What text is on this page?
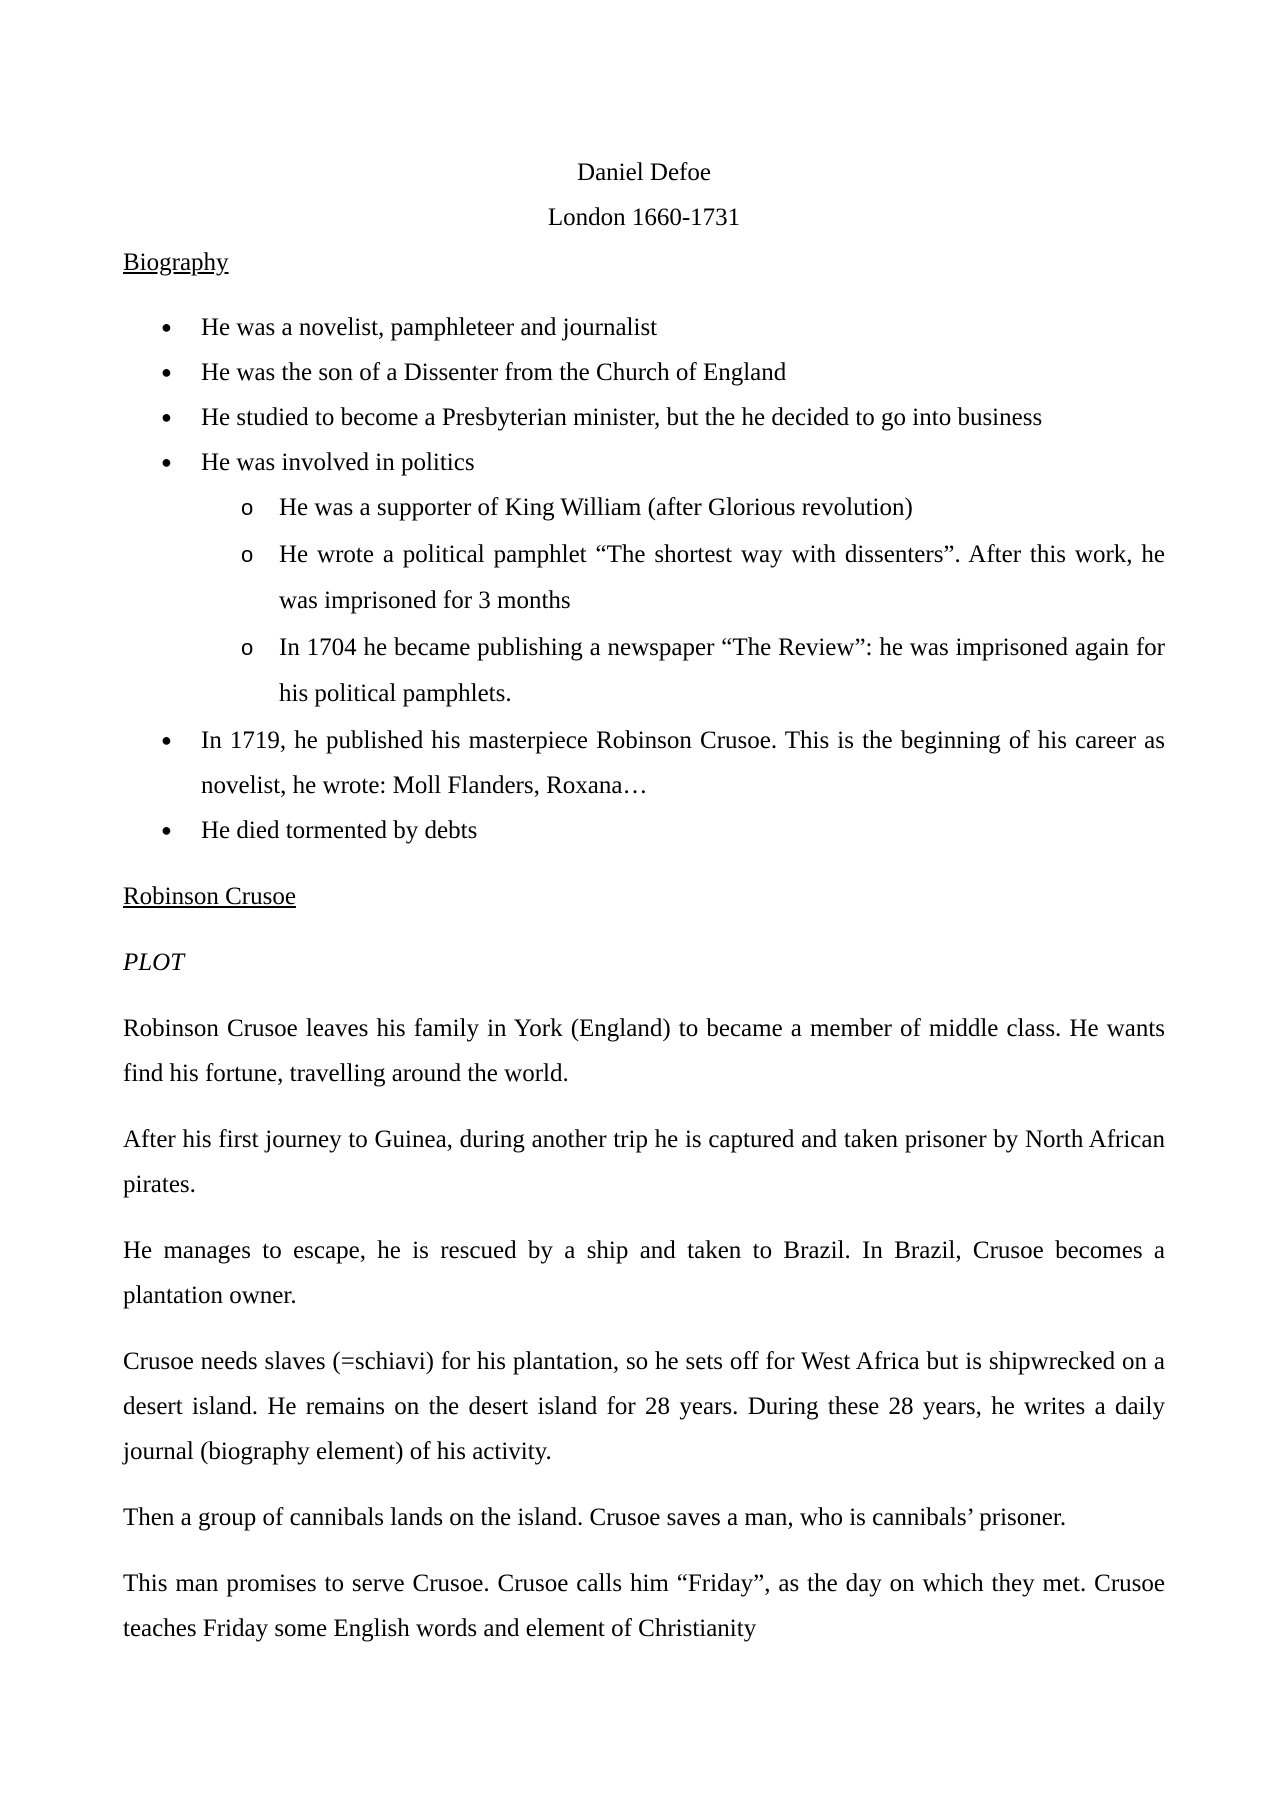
Daniel Defoe
London 1660-1731
Biography
● He was a novelist, pamphleteer and journalist
● He was the son of a Dissenter from the Church of England
● He studied to become a Presbyterian minister, but the he decided to go into business
● He was involved in politics
o He was a supporter of King William (after Glorious revolution)
o He wrote a political pamphlet “The shortest way with dissenters”. After this work, he was imprisoned for 3 months
o In 1704 he became publishing a newspaper “The Review”: he was imprisoned again for his political pamphlets.
● In 1719, he published his masterpiece Robinson Crusoe. This is the beginning of his career as novelist, he wrote: Moll Flanders, Roxana…
● He died tormented by debts
Robinson Crusoe
PLOT

Robinson Crusoe leaves his family in York (England) to became a member of middle class. He wants find his fortune, travelling around the world.

After his first journey to Guinea, during another trip he is captured and taken prisoner by North African pirates.

He manages to escape, he is rescued by a ship and taken to Brazil. In Brazil, Crusoe becomes a plantation owner.

Crusoe needs slaves (=schiavi) for his plantation, so he sets off for West Africa but is shipwrecked on a desert island. He remains on the desert island for 28 years. During these 28 years, he writes a daily journal (biography element) of his activity.

Then a group of cannibals lands on the island. Crusoe saves a man, who is cannibals’ prisoner.

This man promises to serve Crusoe. Crusoe calls him “Friday”, as the day on which they met. Crusoe teaches Friday some English words and element of Christianity
